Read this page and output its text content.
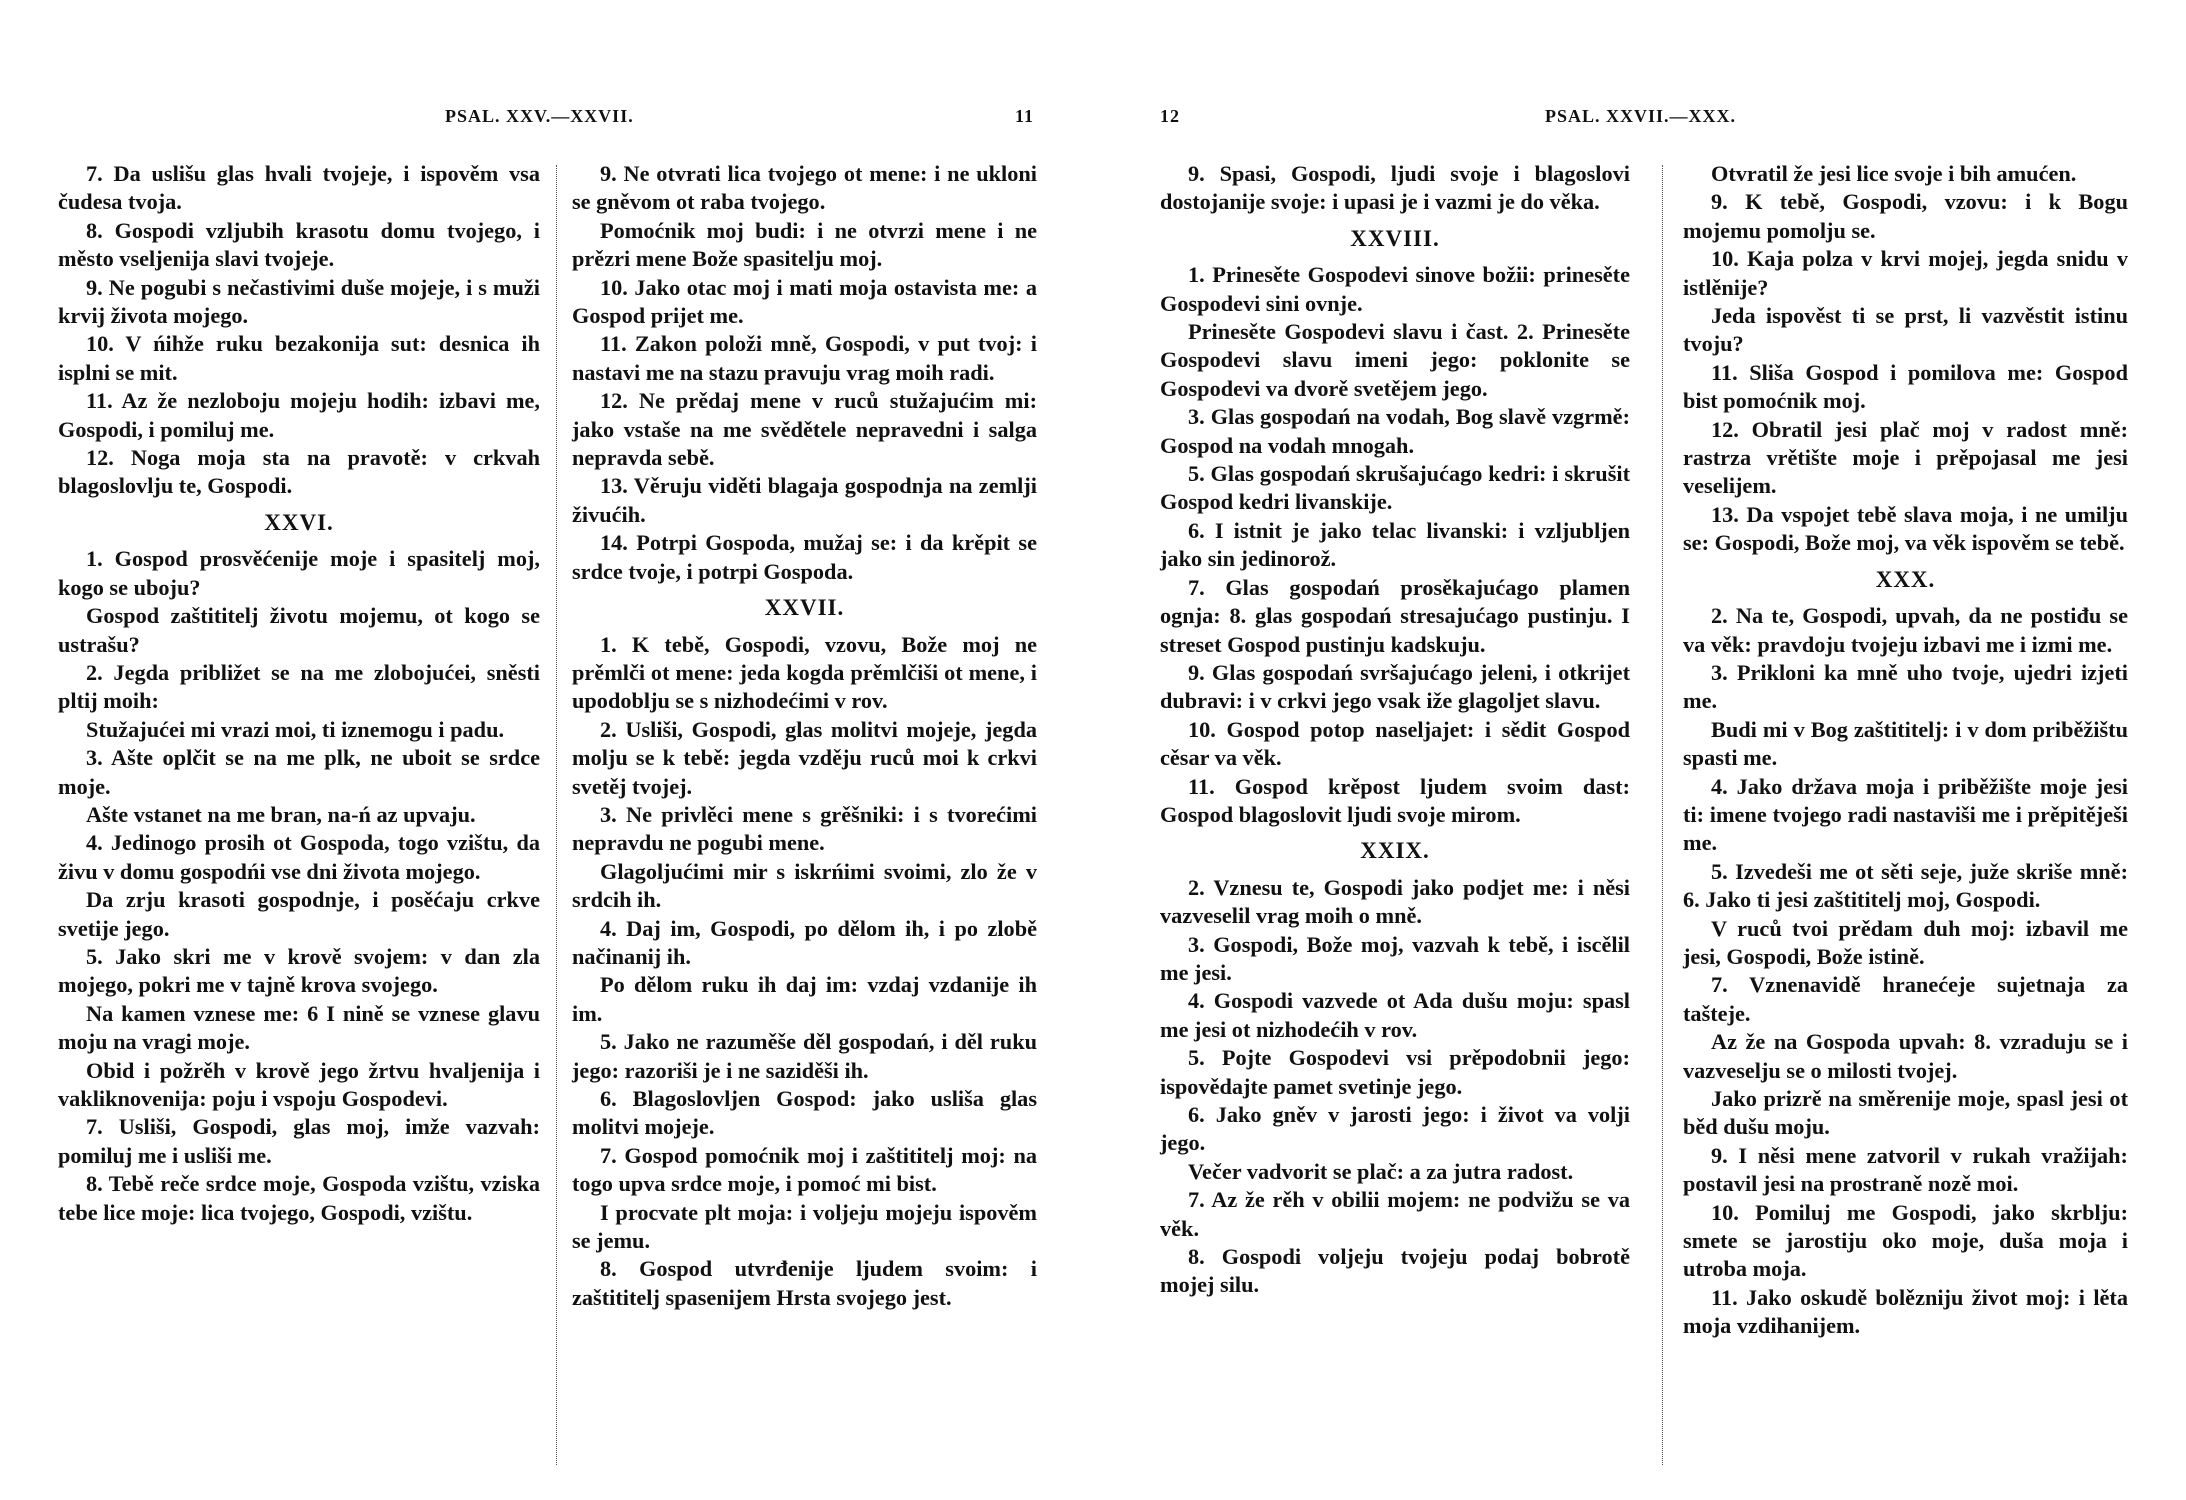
PSAL. XXV.—XXVII.	11

7. Da uslišu glas hvali tvojeje, i ispověm vsa čudesa tvoja.

8. Gospodi vzljubih krasotu domu tvojego, i město vseljenija slavi tvojeje.

9. Ne pogubi s nečastivimi duše mojeje, i s muži krvij života mojego.

10. V ńihže ruku bezakonija sut: desnica ih isplni se mit.

11. Az že nezloboju mojeju hodih: izbavi me, Gospodi, i pomiluj me.

12. Noga moja sta na pravotě: v crkvah blagoslovlju te, Gospodi.

XXVI.

1. Gospod prosvěćenije moje i spasitelj moj, kogo se uboju?

Gospod zaštititelj životu mojemu, ot kogo se ustrašu?

2. Jegda približet se na me zlobojućei, sněsti pltij moih:

Stužajućei mi vrazi moi, ti iznemogu i padu.

3. Ašte oplčit se na me plk, ne uboit se srdce moje.

Ašte vstanet na me bran, na-ń az upvaju.

4. Jedinogo prosih ot Gospoda, togo vzištu, da živu v domu gospodńi vse dni života mojego.

Da zrju krasoti gospodnje, i posěćaju crkve svetije jego.

5. Jako skri me v krově svojem: v dan zla mojego, pokri me v tajně krova svojego.

Na kamen vznese me: 6 I nině se vznese glavu moju na vragi moje.

Obid i požrěh v krově jego žrtvu hvaljenija i vakliknovenija: poju i vspoju Gospodevi.

7. Usliši, Gospodi, glas moj, imže vazvah: pomiluj me i usliši me.

8. Tebě reče srdce moje, Gospoda vzištu, vziska tebe lice moje: lica tvojego, Gospodi, vzištu.

9. Ne otvrati lica tvojego ot mene: i ne ukloni se gněvom ot raba tvojego.

Pomoćnik moj budi: i ne otvrzi mene i ne prězri mene Bože spasitelju moj.

10. Jako otac moj i mati moja ostavista me: a Gospod prijet me.

11. Zakon položi mně, Gospodi, v put tvoj: i nastavi me na stazu pravuju vrag moih radi.

12. Ne prědaj mene v ruců stužajućim mi: jako vstaše na me svědětele nepravedni i salga nepravda sebě.

13. Věruju viděti blagaja gospodnja na zemlji živućih.

14. Potrpi Gospoda, mužaj se: i da krěpit se srdce tvoje, i potrpi Gospoda.

XXVII.

1. K tebě, Gospodi, vzovu, Bože moj ne prěmlči ot mene: jeda kogda prěmlčiši ot mene, i upodoblju se s nizhodećimi v rov.

2. Usliši, Gospodi, glas molitvi mojeje, jegda molju se k tebě: jegda vzděju ruců moi k crkvi svetěj tvojej.

3. Ne privlěci mene s grěšniki: i s tvorećimi nepravdu ne pogubi mene.

Glagoljućimi mir s iskrńimi svoimi, zlo že v srdcih ih.

4. Daj im, Gospodi, po dělom ih, i po zlobě načinanij ih.

Po dělom ruku ih daj im: vzdaj vzdanije ih im.

5. Jako ne razuměše děl gospodań, i děl ruku jego: razoriši je i ne saziděši ih.

6. Blagoslovljen Gospod: jako usliša glas molitvi mojeje.

7. Gospod pomoćnik moj i zaštititelj moj: na togo upva srdce moje, i pomoć mi bist.

I procvate plt moja: i voljeju mojeju ispověm se jemu.

8. Gospod utvrđenije ljudem svoim: i zaštititelj spasenijem Hrsta svojego jest.

12	PSAL. XXVII.—XXX.

9. Spasi, Gospodi, ljudi svoje i blagoslovi dostojanije svoje: i upasi je i vazmi je do věka.

XXVIII.

1. Prinesěte Gospodevi sinove božii: prinesěte Gospodevi sini ovnje.

Prinesěte Gospodevi slavu i čast. 2. Prinesěte Gospodevi slavu imeni jego: poklonite se Gospodevi va dvorě svetějem jego.

3. Glas gospodań na vodah, Bog slavě vzgrmě: Gospod na vodah mnogah.

5. Glas gospodań skrušajućago kedri: i skrušit Gospod kedri livanskije.

6. I istnit je jako telac livanski: i vzljubljen jako sin jedinorož.

7. Glas gospodań prosěkajućago plamen ognja: 8. glas gospodań stresajućago pustinju. I streset Gospod pustinju kadskuju.

9. Glas gospodań svršajućago jeleni, i otkrijet dubravi: i v crkvi jego vsak iže glagoljet slavu.

10. Gospod potop naseljajet: i sědit Gospod cěsar va věk.

11. Gospod krěpost ljudem svoim dast: Gospod blagoslovit ljudi svoje mirom.

XXIX.

2. Vznesu te, Gospodi jako podjet me: i něsi vazveselil vrag moih o mně.

3. Gospodi, Bože moj, vazvah k tebě, i iscělil me jesi.

4. Gospodi vazvede ot Ada dušu moju: spasl me jesi ot nizhodećih v rov.

5. Pojte Gospodevi vsi prěpodobnii jego: ispovědajte pamet svetinje jego.

6. Jako gněv v jarosti jego: i život va volji jego.

Večer vadvorit se plač: a za jutra radost.

7. Az že rěh v obilii mojem: ne podvižu se va věk.

8. Gospodi voljeju tvojeju podaj bobrotě mojej silu.

Otvratil že jesi lice svoje i bih amućen.

9. K tebě, Gospodi, vzovu: i k Bogu mojemu pomolju se.

10. Kaja polza v krvi mojej, jegda snidu v istlěnije?

Jeda ispověst ti se prst, li vazvěstit istinu tvoju?

11. Sliša Gospod i pomilova me: Gospod bist pomoćnik moj.

12. Obratil jesi plač moj v radost mně: rastrza vrětište moje i prěpojasal me jesi veselijem.

13. Da vspojet tebě slava moja, i ne umilju se: Gospodi, Bože moj, va věk ispověm se tebě.

XXX.

2. Na te, Gospodi, upvah, da ne postiđu se va věk: pravdoju tvojeju izbavi me i izmi me.

3. Prikloni ka mně uho tvoje, ujedri izjeti me.

Budi mi v Bog zaštititelj: i v dom priběžištu spasti me.

4. Jako država moja i priběžište moje jesi ti: imene tvojego radi nastaviši me i prěpitěješi me.

5. Izvedeši me ot sěti seje, juže skriše mně: 6. Jako ti jesi zaštititelj moj, Gospodi.

V ruců tvoi prědam duh moj: izbavil me jesi, Gospodi, Bože istině.

7. Vznenavidě hranećeje sujetnaja za tašteje.

Az že na Gospoda upvah: 8. vzraduju se i vazveselju se o milosti tvojej.

Jako prizrě na směrenije moje, spasl jesi ot běd dušu moju.

9. I něsi mene zatvoril v rukah vražijah: postavil jesi na prostraně nozě moi.

10. Pomiluj me Gospodi, jako skrblju: smete se jarostiju oko moje, duša moja i utroba moja.

11. Jako oskudě bolězniju život moj: i lěta moja vzdihanijem.
